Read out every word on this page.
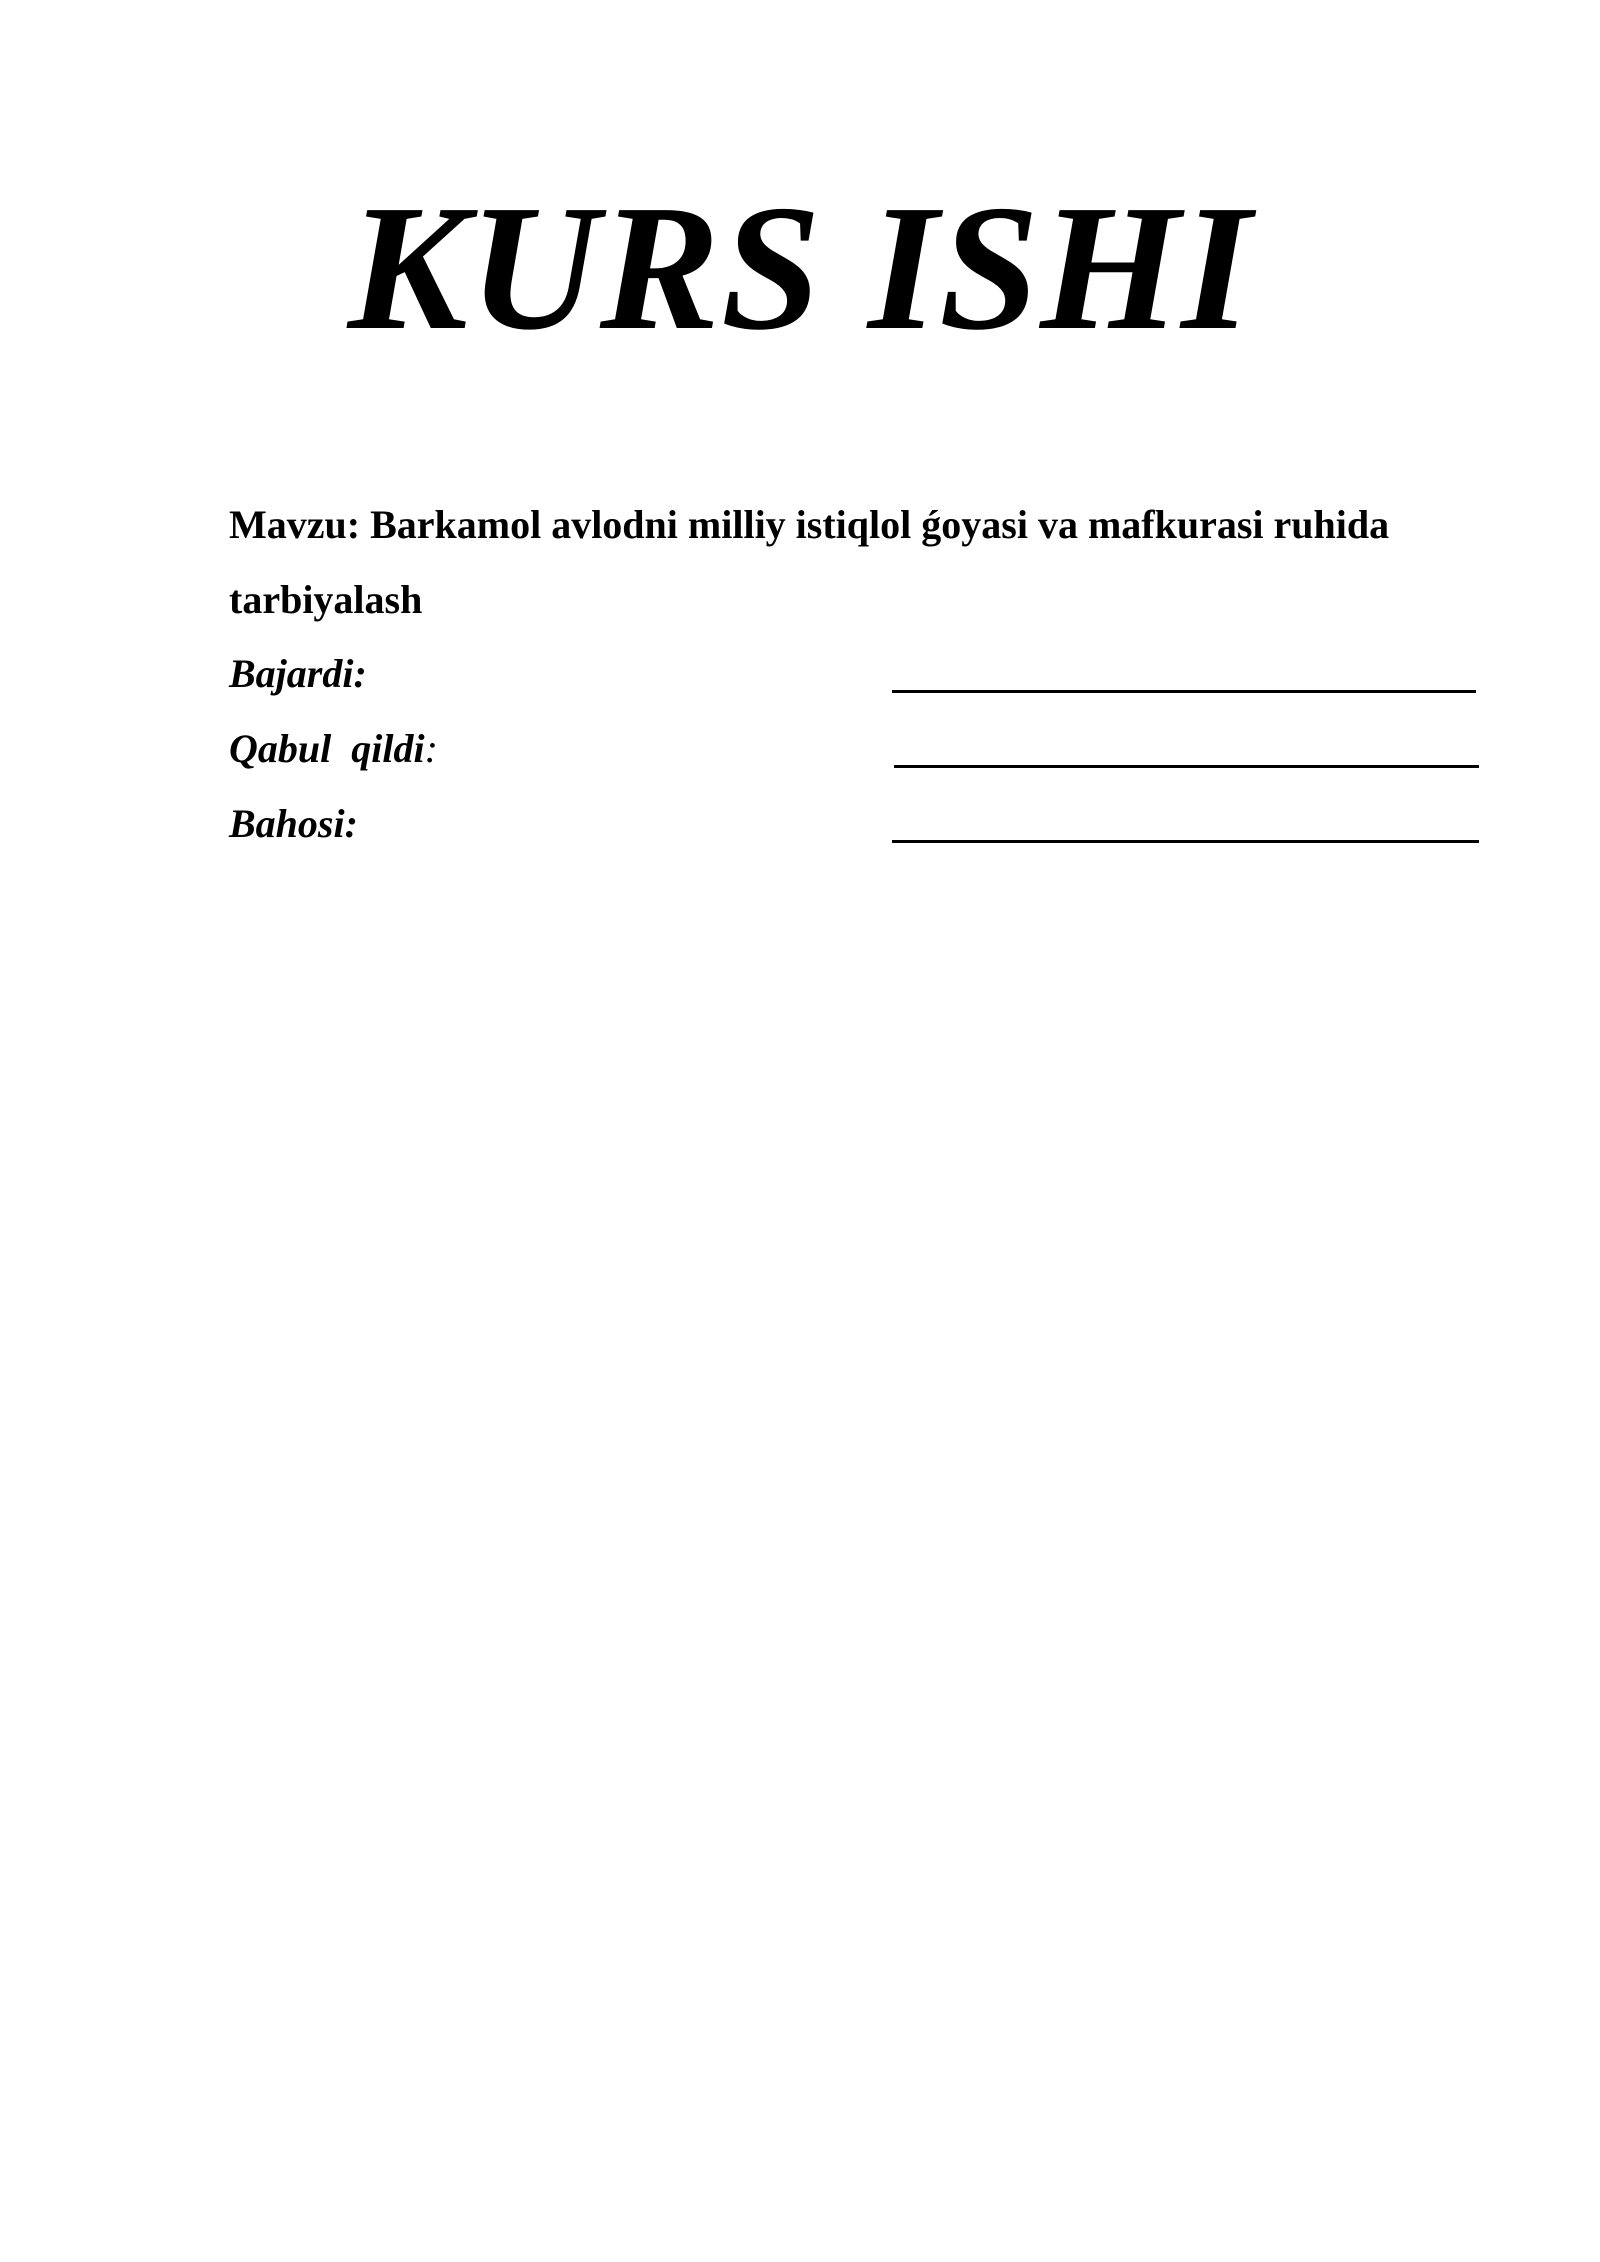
KURS ISHI

Mavzu: Barkamol avlodni milliy istiqlol ǵoyasi va mafkurasi ruhida tarbiyalash

Bajardi:
Qabul  qildi:
Bahosi:
